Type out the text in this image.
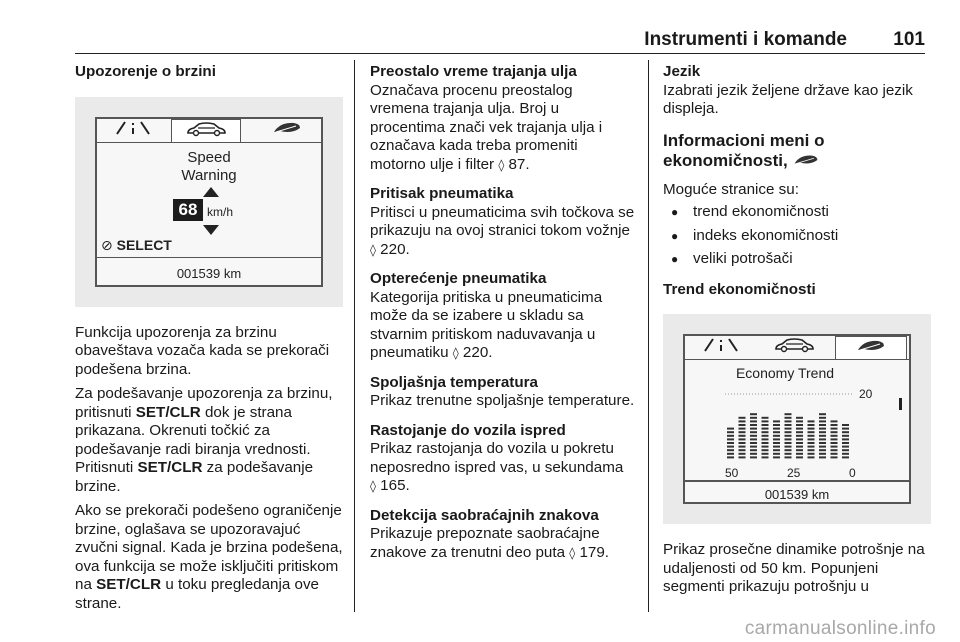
Instrumenti i komande 101
Upozorenje o brzini
Speed
Warning
68 km/h
⊘ SELECT
001539 km

Funkcija upozorenja za brzinu obaveštava vozača kada se prekorači podešena brzina.

Za podešavanje upozorenja za brzinu, pritisnuti SET/CLR dok je strana prikazana. Okrenuti točkić za podešavanje radi biranja vrednosti. Pritisnuti SET/CLR za podešavanje brzine.

Ako se prekorači podešeno ograničenje brzine, oglašava se upozoravajuć zvučni signal. Kada je brzina podešena, ova funkcija se može isključiti pritiskom na SET/CLR u toku pregledanja ove strane.

Preostalo vreme trajanja ulja
Označava procenu preostalog vremena trajanja ulja. Broj u procentima znači vek trajanja ulja i označava kada treba promeniti motorno ulje i filter ◊ 87.
Pritisak pneumatika
Pritisci u pneumaticima svih točkova se prikazuju na ovoj stranici tokom vožnje ◊ 220.
Opterećenje pneumatika
Kategorija pritiska u pneumaticima može da se izabere u skladu sa stvarnim pritiskom naduvavanja u pneumatiku ◊ 220.
Spoljašnja temperatura
Prikaz trenutne spoljašnje temperature.
Rastojanje do vozila ispred
Prikaz rastojanja do vozila u pokretu neposredno ispred vas, u sekundama
◊ 165.
Detekcija saobraćajnih znakova
Prikazuje prepoznate saobraćajne znakove za trenutni deo puta ◊ 179.
Jezik
Izabrati jezik željene države kao jezik displeja.
Informacioni meni o ekonomičnosti,
Moguće stranice su:
● trend ekonomičnosti
● indeks ekonomičnosti
● veliki potrošači
Trend ekonomičnosti
Economy Trend
20
50	25	0
001539 km

Prikaz prosečne dinamike potrošnje na udaljenosti od 50 km. Popunjeni segmenti prikazuju potrošnju u

carmanualsonline.info
